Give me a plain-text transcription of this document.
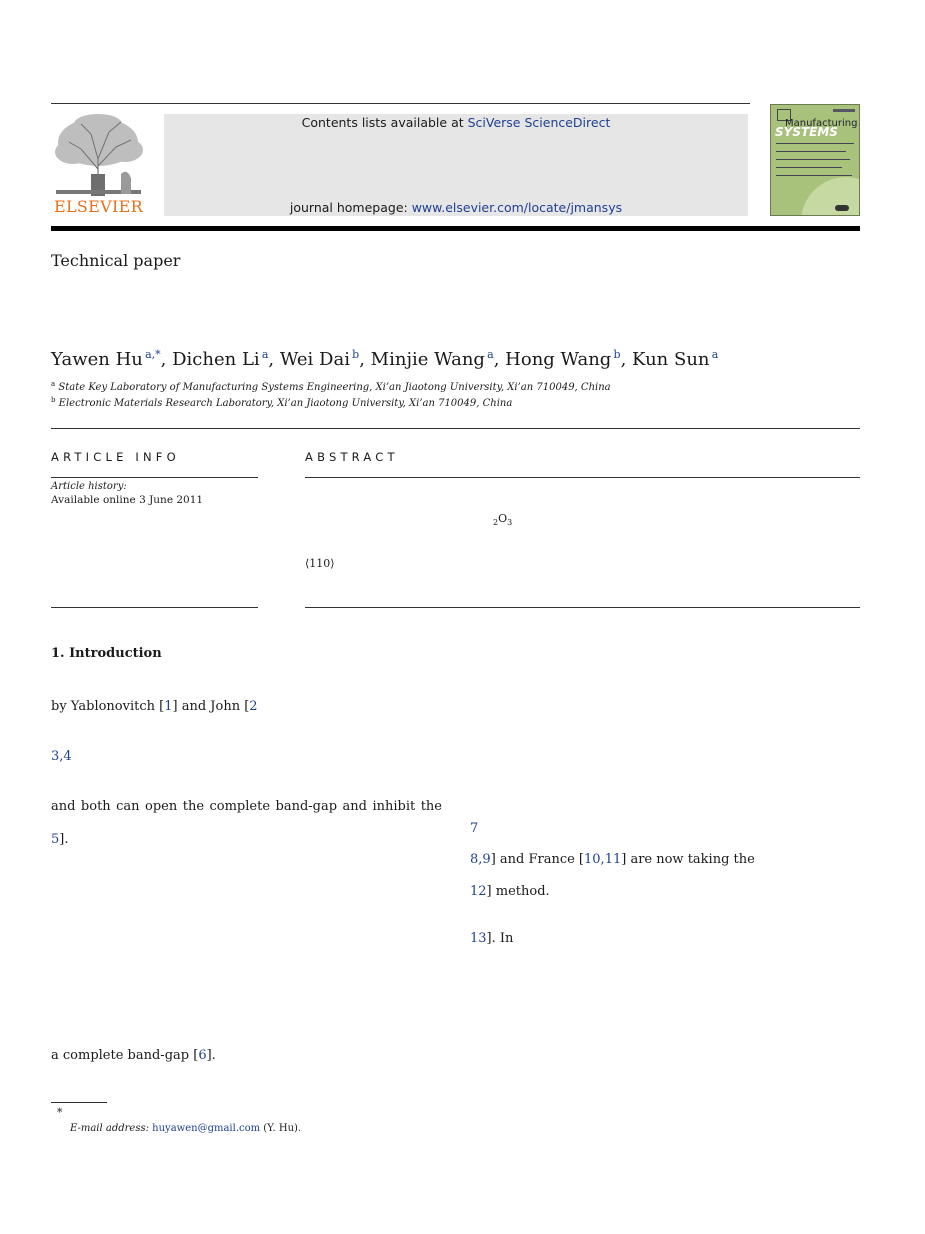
ELSEVIER
Contents lists available at SciVerse ScienceDirect
journal homepage: www.elsevier.com/locate/jmansys
Manufacturing
SYSTEMS
Technical paper
Yawen Hu  $^{a,*}$, Dichen Li  $^a$, Wei Dai  $^b$, Minjie Wang  $^a$, Hong Wang  $^b$, Kun Sun  $^a$
$^a$ State Key Laboratory of Manufacturing Systems Engineering, Xi’an Jiaotong University, Xi’an 710049, China
$^b$ Electronic Materials Research Laboratory, Xi’an Jiaotong University, Xi’an 710049, China
ARTICLE INFO	ABSTRACT
Article history:
Available online 3 June 2011
$_2O_3$
⟨110⟩
1. Introduction
by Yablonovitch [1] and John [2
3,4
and both can open the complete band-gap and inhibit the
5].
a complete band-gap [6].
7
8,9] and France [10,11] are now taking the
12] method.
13]. In
*
E-mail address: huyawen@gmail.com (Y. Hu).
